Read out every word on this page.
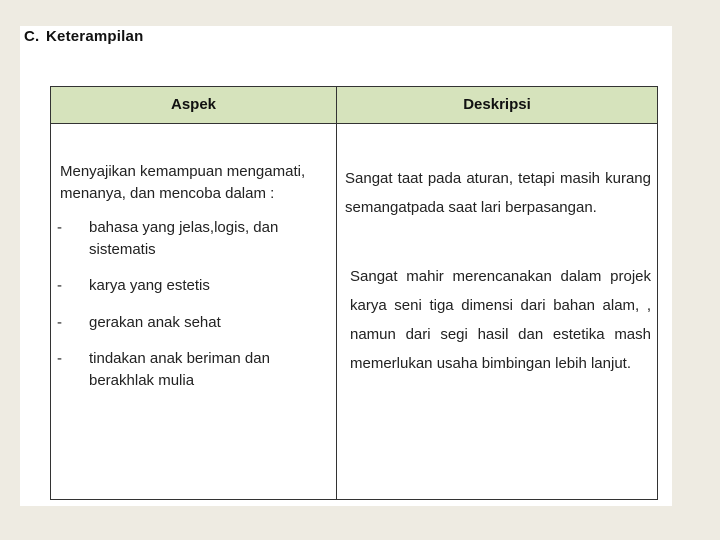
C. Keterampilan
Aspek	Deskripsi
Menyajikan kemampuan mengamati, menanya, dan mencoba dalam :
- bahasa yang jelas,logis, dan sistematis
- karya yang estetis
- gerakan anak sehat
- tindakan anak beriman dan berakhlak mulia
Sangat taat pada aturan, tetapi masih kurang semangatpada saat lari berpasangan.
Sangat mahir merencanakan dalam projek karya seni tiga dimensi dari bahan alam, , namun dari segi hasil dan estetika mash memerlukan usaha bimbingan lebih lanjut.
